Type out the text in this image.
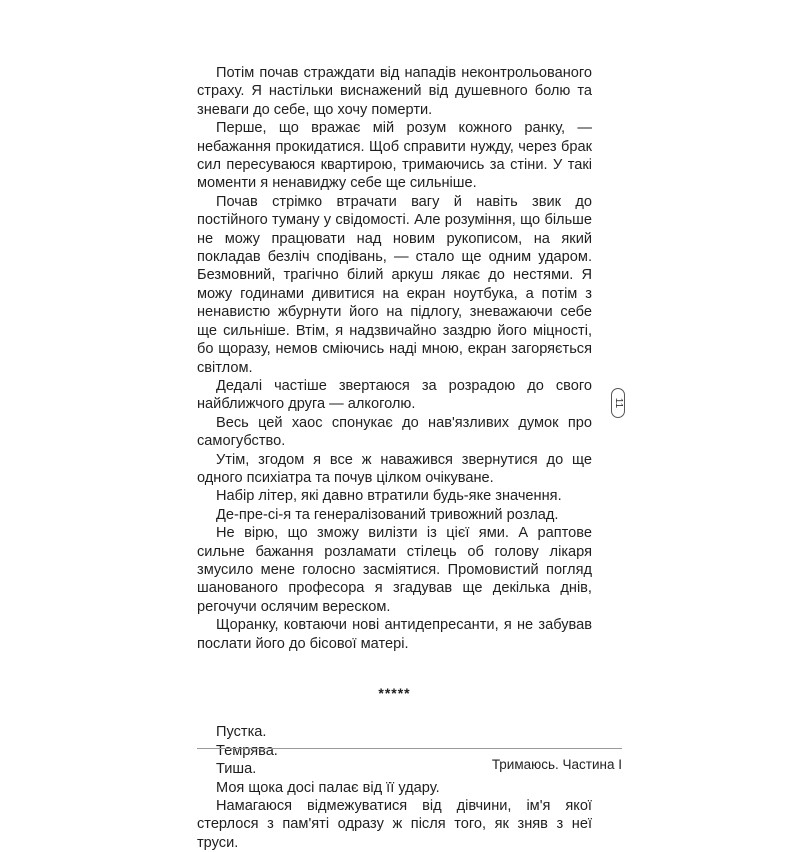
Потім почав страждати від нападів неконтрольованого страху. Я настільки виснажений від душевного болю та зневаги до себе, що хочу померти.

Перше, що вражає мій розум кожного ранку, — небажання прокидатися. Щоб справити нужду, через брак сил пересуваюся квартирою, тримаючись за стіни. У такі моменти я ненавиджу себе ще сильніше.

Почав стрімко втрачати вагу й навіть звик до постійного туману у свідомості. Але розуміння, що більше не можу працювати над новим рукописом, на який покладав безліч сподівань, — стало ще одним ударом. Безмовний, трагічно білий аркуш лякає до нестями. Я можу годинами дивитися на екран ноутбука, а потім з ненавистю жбурнути його на підлогу, зневажаючи себе ще сильніше. Втім, я надзвичайно заздрю його міцності, бо щоразу, немов сміючись наді мною, екран загоряється світлом.

Дедалі частіше звертаюся за розрадою до свого найближчого друга — алкоголю.

Весь цей хаос спонукає до нав'язливих думок про самогубство.

Утім, згодом я все ж наважився звернутися до ще одного психіатра та почув цілком очікуване.

Набір літер, які давно втратили будь-яке значення.

Де-пре-сі-я та генералізований тривожний розлад.

Не вірю, що зможу вилізти із цієї ями. А раптове сильне бажання розламати стілець об голову лікаря змусило мене голосно засміятися. Промовистий погляд шанованого професора я згадував ще декілька днів, регочучи ослячим вереском.

Щоранку, ковтаючи нові антидепресанти, я не забував послати його до бісової матері.

*****

Пустка.

Темрява.

Тиша.

Моя щока досі палає від її удару.

Намагаюся відмежуватися від дівчини, ім'я якої стерлося з пам'яті одразу ж після того, як зняв з неї труси.

11
Тримаюсь. Частина I
